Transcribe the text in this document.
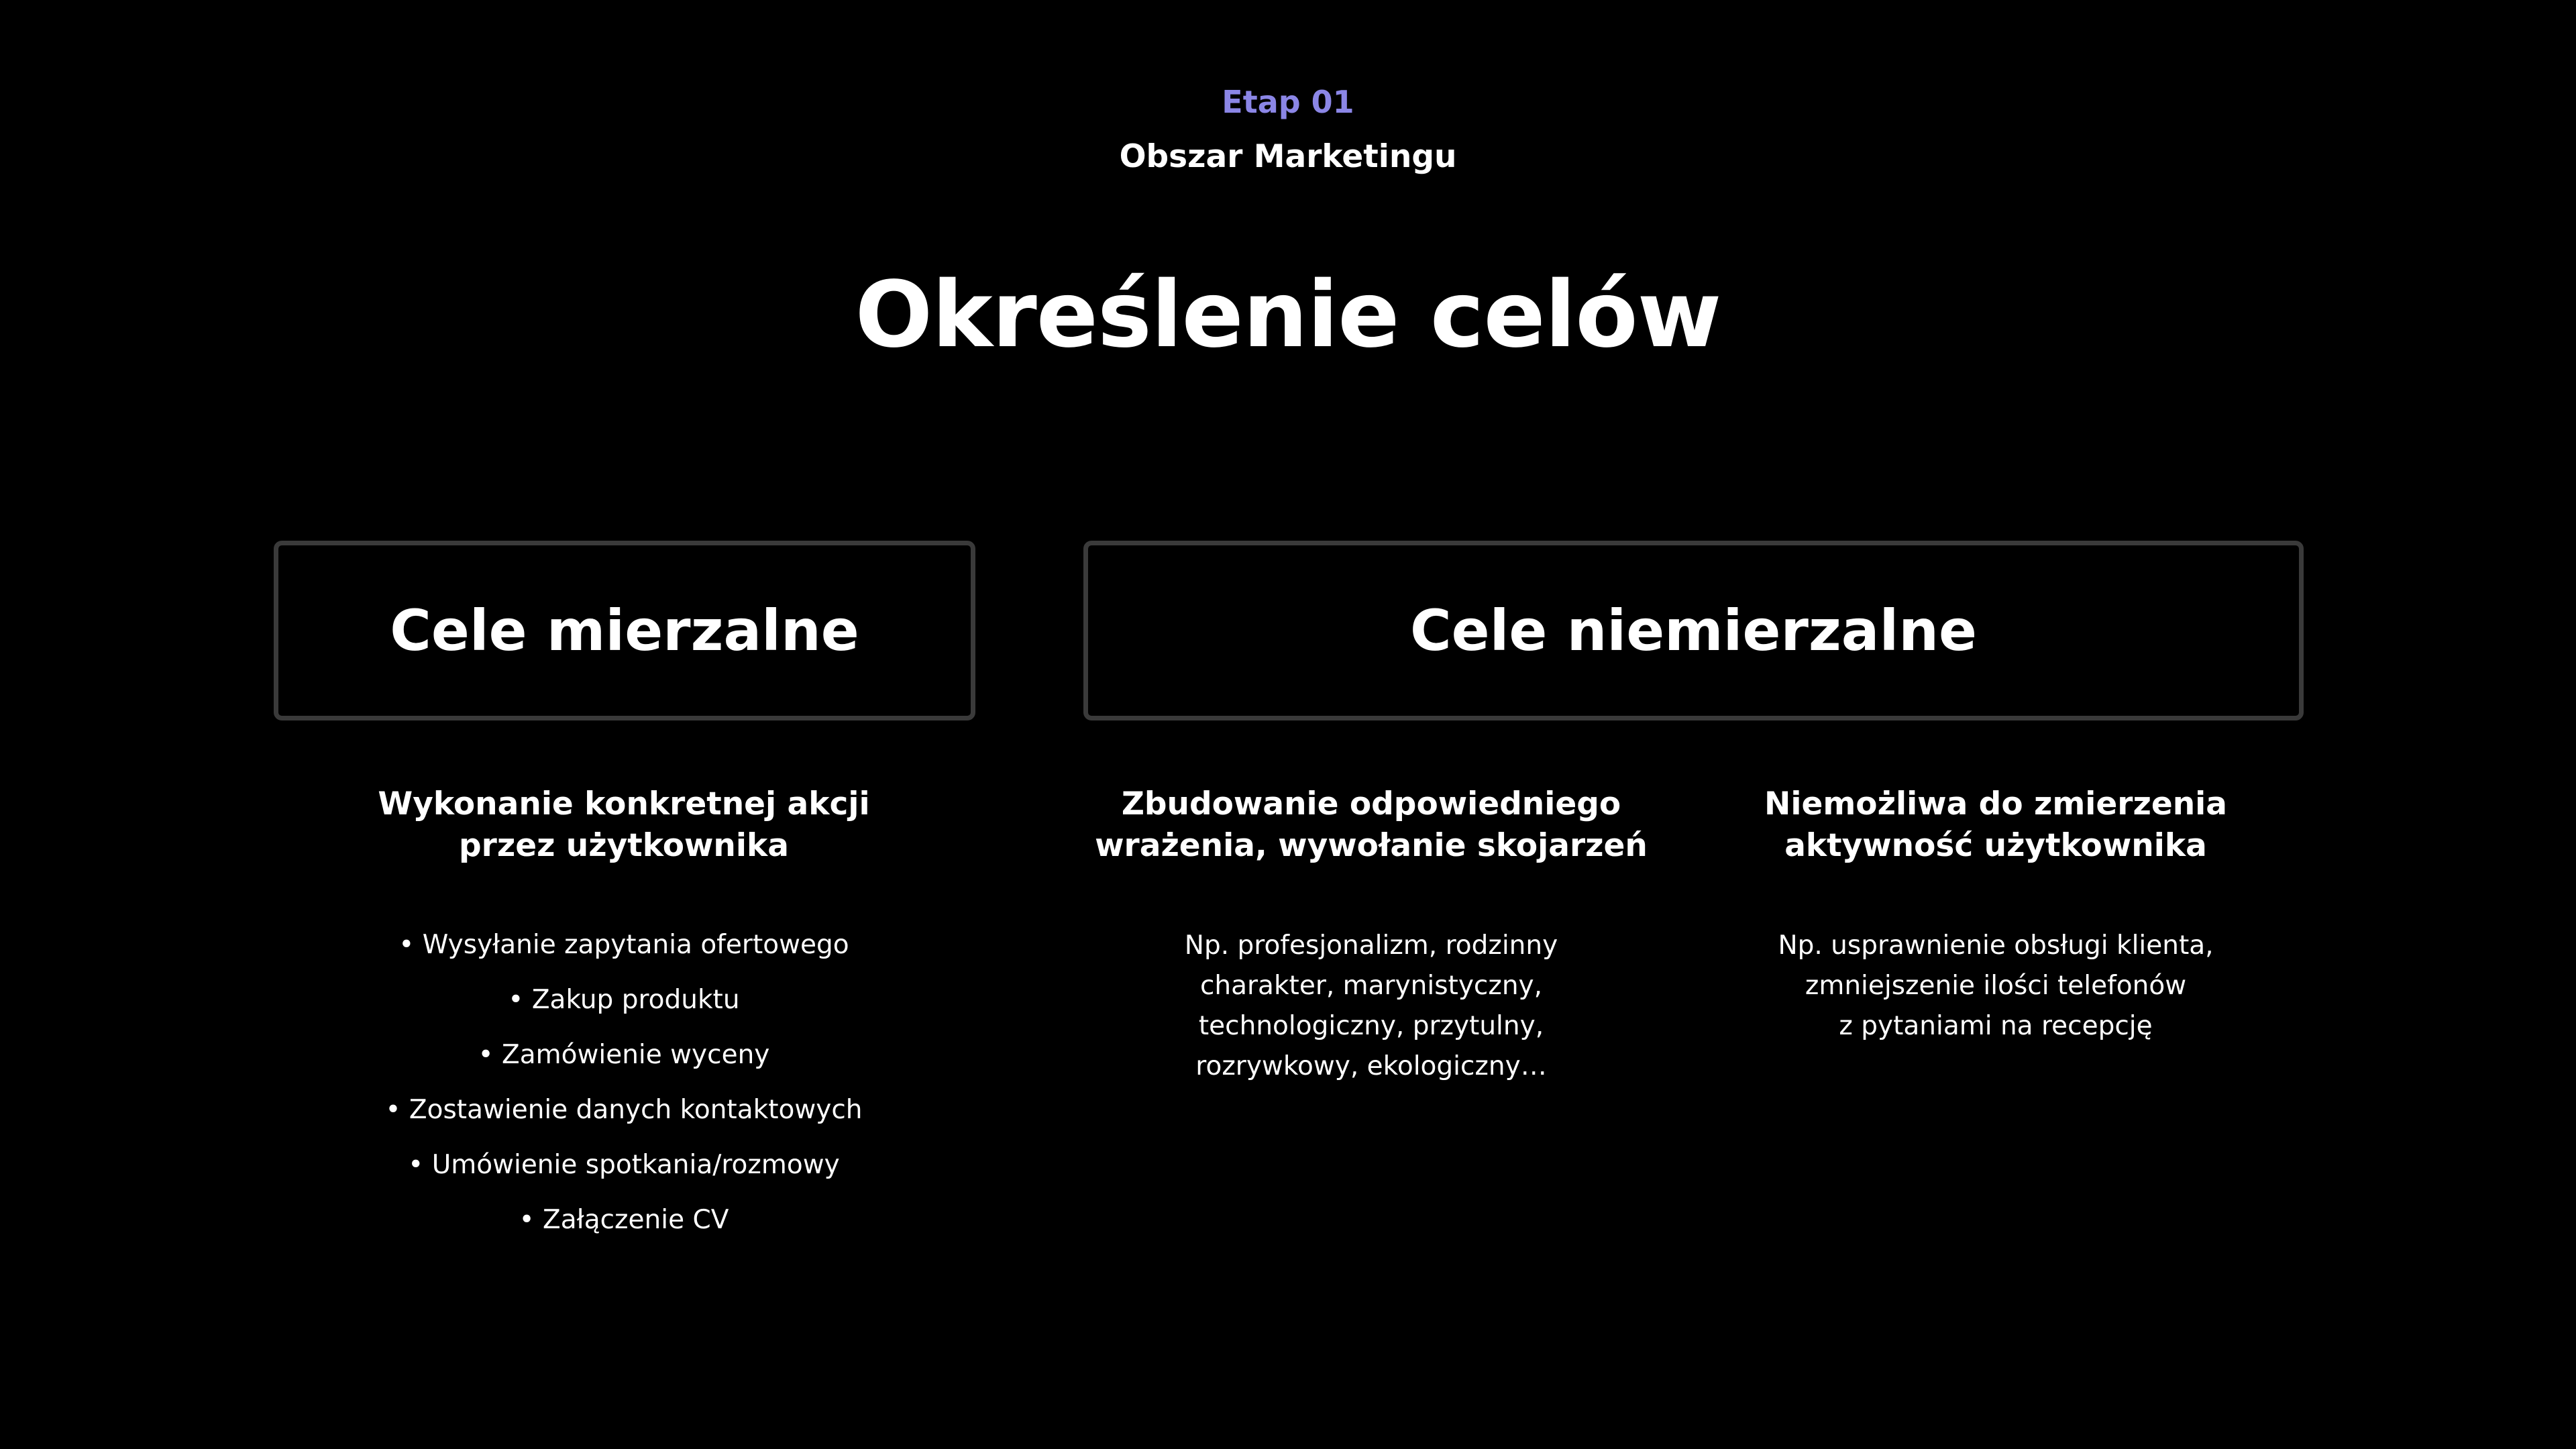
Etap 01
Obszar Marketingu
Określenie celów
Cele mierzalne	Cele niemierzalne

Wykonanie konkretnej akcji
przez użytkownika

• Wysyłanie zapytania ofertowego
• Zakup produktu
• Zamówienie wyceny
• Zostawienie danych kontaktowych
• Umówienie spotkania/rozmowy
• Załączenie CV

Zbudowanie odpowiedniego
wrażenia, wywołanie skojarzeń

Np. profesjonalizm, rodzinny
charakter, marynistyczny,
technologiczny, przytulny,
rozrywkowy, ekologiczny…

Niemożliwa do zmierzenia
aktywność użytkownika

Np. usprawnienie obsługi klienta,
zmniejszenie ilości telefonów
z pytaniami na recepcję
